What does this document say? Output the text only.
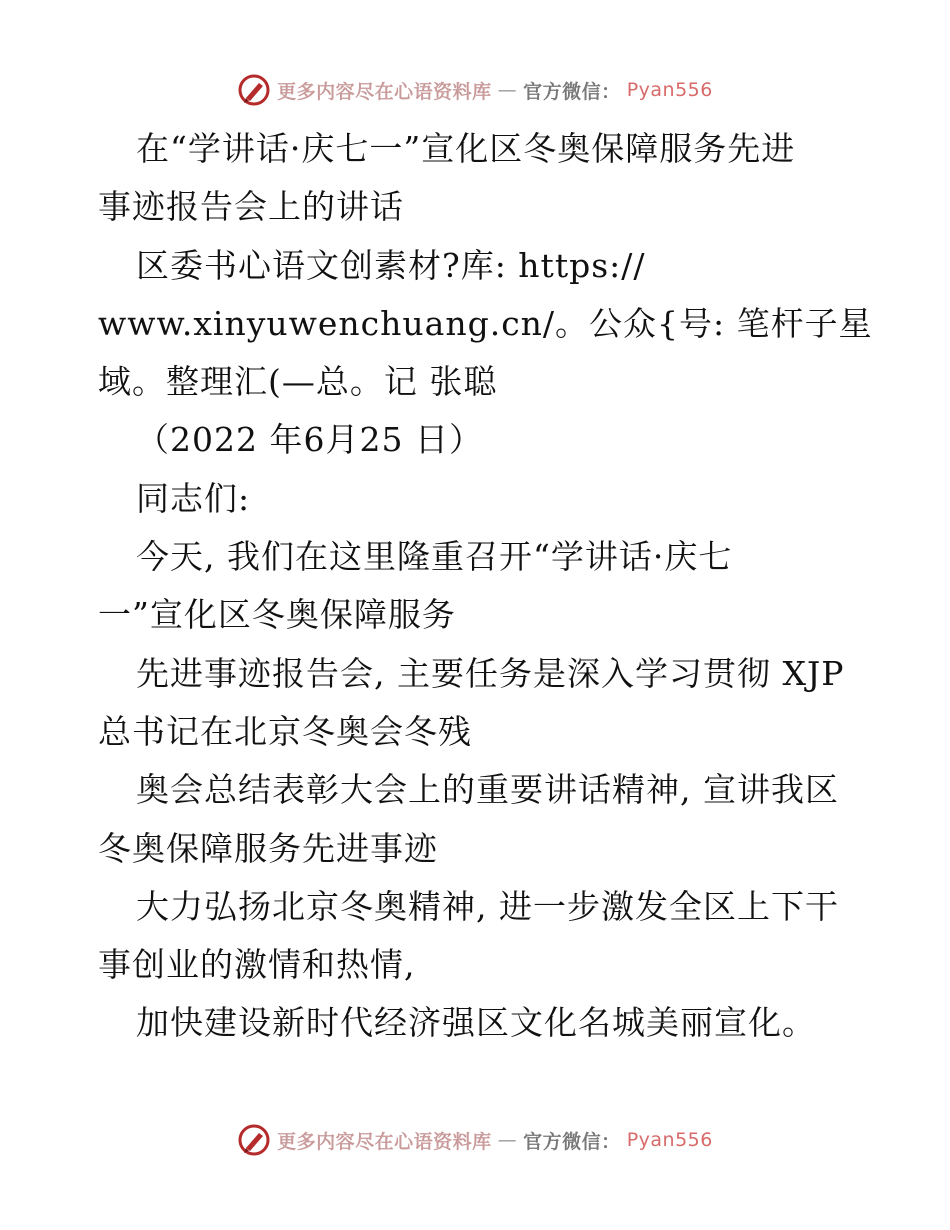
更多内容尽在心语资料库 — 官方微信： Pyan556
在“学讲话·庆七一”宣化区冬奥保障服务先进
事迹报告会上的讲话
区委书心语文创素材?库: https://
www.xinyuwenchuang.cn/。公众{号: 笔杆子星
域。整理汇(—总。记 张聪
（2022 年6月25 日）
同志们:
今天, 我们在这里隆重召开“学讲话·庆七
一”宣化区冬奥保障服务
先进事迹报告会, 主要任务是深入学习贯彻 XJP
总书记在北京冬奥会冬残
奥会总结表彰大会上的重要讲话精神, 宣讲我区
冬奥保障服务先进事迹
大力弘扬北京冬奥精神, 进一步激发全区上下干
事创业的激情和热情,
加快建设新时代经济强区文化名城美丽宣化。
更多内容尽在心语资料库 — 官方微信： Pyan556
